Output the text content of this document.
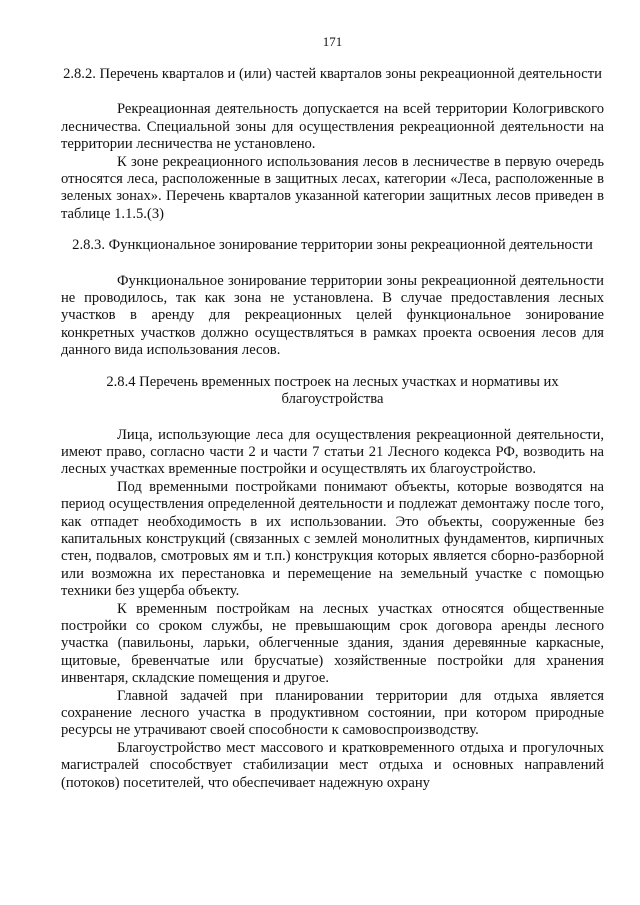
171
2.8.2. Перечень кварталов и (или) частей кварталов зоны рекреационной деятельности

Рекреационная деятельность допускается на всей территории Кологривского лесничества. Специальной зоны для осуществления рекреационной деятельности на территории лесничества не установлено.

К зоне рекреационного использования лесов в лесничестве в первую очередь относятся леса, расположенные в защитных лесах, категории «Леса, расположенные в зеленых зонах». Перечень кварталов указанной категории защитных лесов приведен в таблице 1.1.5.(3)

2.8.3. Функциональное зонирование территории зоны рекреационной деятельности

Функциональное зонирование территории зоны рекреационной деятельности не проводилось, так как зона не установлена. В случае предоставления лесных участков в аренду для рекреационных целей функциональное зонирование конкретных участков должно осуществляться в рамках проекта освоения лесов для данного вида использования лесов.

2.8.4 Перечень временных построек на лесных участках и нормативы их благоустройства

Лица, использующие леса для осуществления рекреационной деятельности, имеют право, согласно части 2 и части 7 статьи 21 Лесного кодекса РФ, возводить на лесных участках временные постройки и осуществлять их благоустройство.

Под временными постройками понимают объекты, которые возводятся на период осуществления определенной деятельности и подлежат демонтажу после того, как отпадет необходимость в их использовании. Это объекты, сооруженные без капитальных конструкций (связанных с землей монолитных фундаментов, кирпичных стен, подвалов, смотровых ям и т.п.) конструкция которых является сборно-разборной или возможна их перестановка и перемещение на земельный участке с помощью техники без ущерба объекту.

К временным постройкам на лесных участках относятся общественные постройки со сроком службы, не превышающим срок договора аренды лесного участка (павильоны, ларьки, облегченные здания, здания деревянные каркасные, щитовые, бревенчатые или брусчатые) хозяйственные постройки для хранения инвентаря, складские помещения и другое.

Главной задачей при планировании территории для отдыха является сохранение лесного участка в продуктивном состоянии, при котором природные ресурсы не утрачивают своей способности к самовоспроизводству.

Благоустройство мест массового и кратковременного отдыха и прогулочных магистралей способствует стабилизации мест отдыха и основных направлений (потоков) посетителей, что обеспечивает надежную охрану
